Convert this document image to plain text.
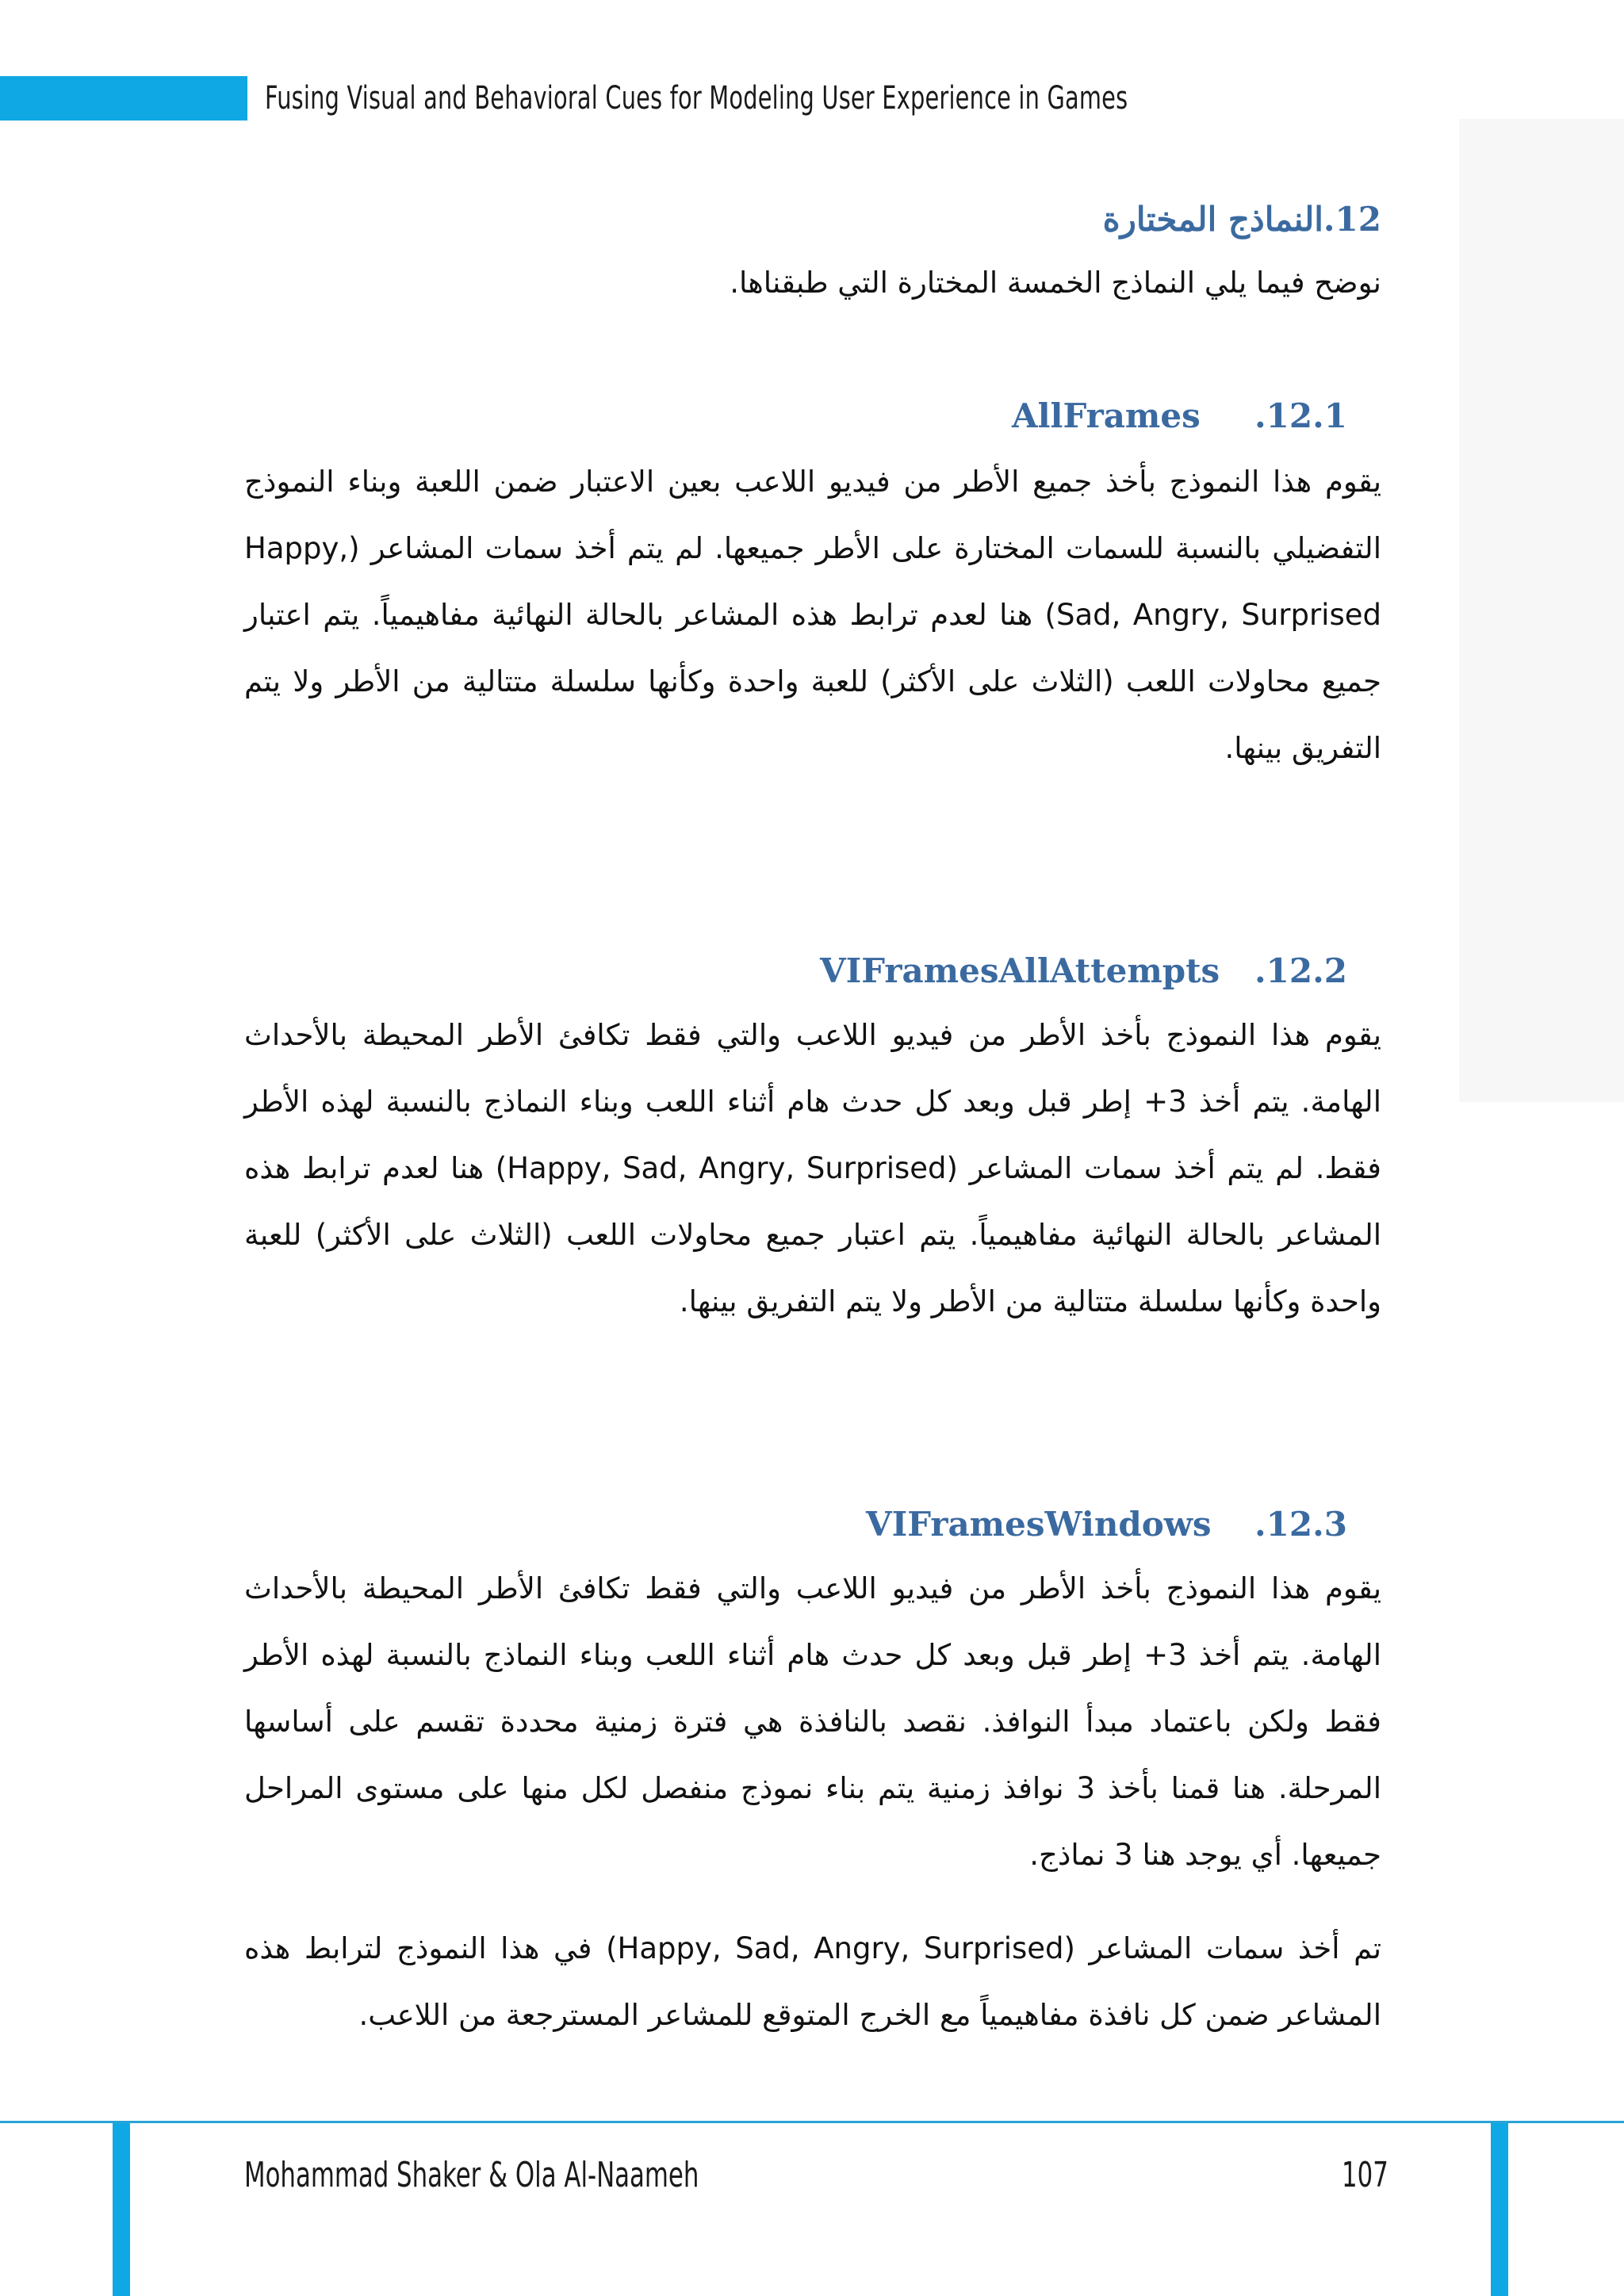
Fusing Visual and Behavioral Cues for Modeling User Experience in Games
12.النماذج المختارة

نوضح فيما يلي النماذج الخمسة المختارة التي طبقناها.

.12.1
AllFrames

يقوم هذا النموذج بأخذ جميع الأطر من فيديو اللاعب بعين الاعتبار ضمن اللعبة وبناء النموذج التفضيلي بالنسبة للسمات المختارة على الأطر جميعها. لم يتم أخذ سمات المشاعر (Happy, Sad, Angry, Surprised) هنا لعدم ترابط هذه المشاعر بالحالة النهائية مفاهيمياً. يتم اعتبار جميع محاولات اللعب (الثلاث على الأكثر) للعبة واحدة وكأنها سلسلة متتالية من الأطر ولا يتم التفريق بينها.

.12.2
VIFramesAllAttempts

يقوم هذا النموذج بأخذ الأطر من فيديو اللاعب والتي فقط تكافئ الأطر المحيطة بالأحداث الهامة. يتم أخذ 3+ إطر قبل وبعد كل حدث هام أثناء اللعب وبناء النماذج بالنسبة لهذه الأطر فقط. لم يتم أخذ سمات المشاعر (Happy, Sad, Angry, Surprised) هنا لعدم ترابط هذه المشاعر بالحالة النهائية مفاهيمياً. يتم اعتبار جميع محاولات اللعب (الثلاث على الأكثر) للعبة واحدة وكأنها سلسلة متتالية من الأطر ولا يتم التفريق بينها.

.12.3
VIFramesWindows

يقوم هذا النموذج بأخذ الأطر من فيديو اللاعب والتي فقط تكافئ الأطر المحيطة بالأحداث الهامة. يتم أخذ 3+ إطر قبل وبعد كل حدث هام أثناء اللعب وبناء النماذج بالنسبة لهذه الأطر فقط ولكن باعتماد مبدأ النوافذ. نقصد بالنافذة هي فترة زمنية محددة تقسم على أساسها المرحلة. هنا قمنا بأخذ 3 نوافذ زمنية يتم بناء نموذج منفصل لكل منها على مستوى المراحل جميعها. أي يوجد هنا 3 نماذج.

تم أخذ سمات المشاعر (Happy, Sad, Angry, Surprised) في هذا النموذج لترابط هذه المشاعر ضمن كل نافذة مفاهيمياً مع الخرج المتوقع للمشاعر المسترجعة من اللاعب.

Mohammad Shaker & Ola Al-Naameh	107
